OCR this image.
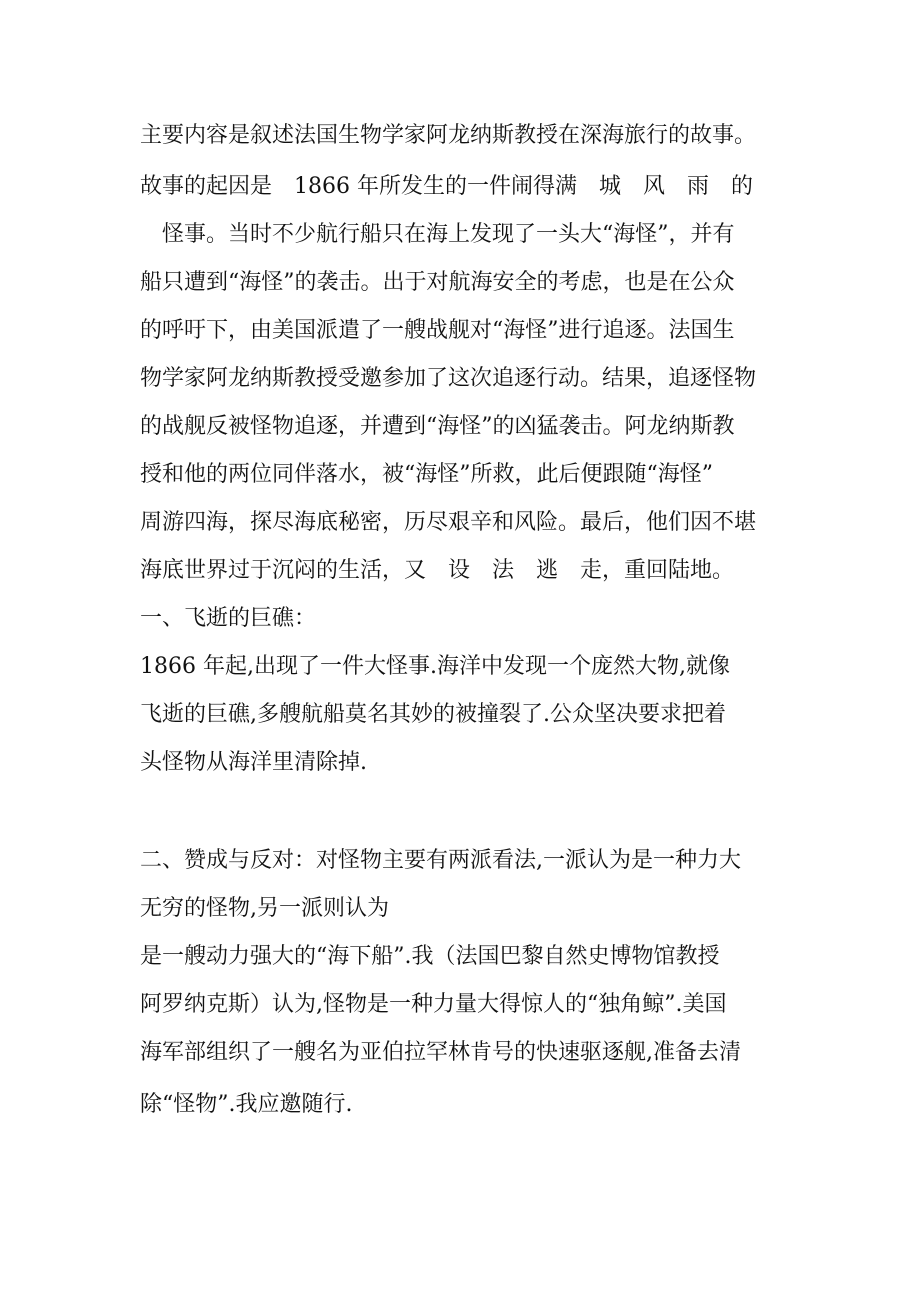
主要内容是叙述法国生物学家阿龙纳斯教授在深海旅行的故事。

故事的起因是　1866 年所发生的一件闹得满　城　风　雨　的

　怪事。当时不少航行船只在海上发现了一头大“海怪”，并有

船只遭到“海怪”的袭击。出于对航海安全的考虑，也是在公众

的呼吁下，由美国派遣了一艘战舰对“海怪”进行追逐。法国生

物学家阿龙纳斯教授受邀参加了这次追逐行动。结果，追逐怪物

的战舰反被怪物追逐，并遭到“海怪”的凶猛袭击。阿龙纳斯教

授和他的两位同伴落水，被“海怪”所救，此后便跟随“海怪”

周游四海，探尽海底秘密，历尽艰辛和风险。最后，他们因不堪

海底世界过于沉闷的生活，又　设　法　逃　走，重回陆地。

一、飞逝的巨礁：

1866 年起,出现了一件大怪事.海洋中发现一个庞然大物,就像

飞逝的巨礁,多艘航船莫名其妙的被撞裂了.公众坚决要求把着

头怪物从海洋里清除掉.

二、赞成与反对：对怪物主要有两派看法,一派认为是一种力大

无穷的怪物,另一派则认为

是一艘动力强大的“海下船”.我（法国巴黎自然史博物馆教授

阿罗纳克斯）认为,怪物是一种力量大得惊人的“独角鲸”.美国

海军部组织了一艘名为亚伯拉罕林肯号的快速驱逐舰,准备去清

除“怪物”.我应邀随行.
